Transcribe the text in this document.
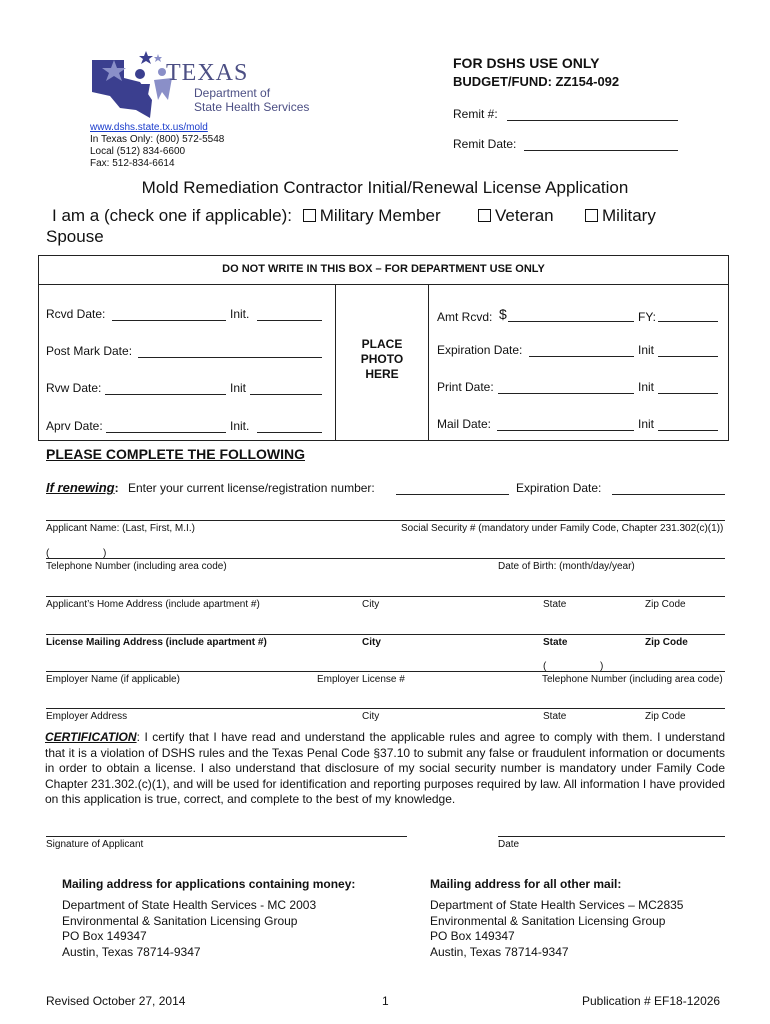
TEXAS
Department of
State Health Services
www.dshs.state.tx.us/mold
In Texas Only: (800) 572-5548
Local (512) 834-6600
Fax: 512-834-6614
FOR DSHS USE ONLY
BUDGET/FUND: ZZ154-092
Remit #:
Remit Date:
Mold Remediation Contractor Initial/Renewal License Application
I am a (check one if applicable): Military Member	Veteran	Military
Spouse
DO NOT WRITE IN THIS BOX – FOR DEPARTMENT USE ONLY
Rcvd Date:	Init.
Post Mark Date:
Rvw Date:	Init
Aprv Date:	Init.
PLACE
PHOTO
HERE
Amt Rcvd: $	FY:
Expiration Date:	Init
Print Date:	Init
Mail Date:	Init
PLEASE COMPLETE THE FOLLOWING
If renewing: Enter your current license/registration number:	Expiration Date:
Applicant Name: (Last, First, M.I.)	Social Security # (mandatory under Family Code, Chapter 231.302(c)(1))
(	)
Telephone Number (including area code)	Date of Birth: (month/day/year)
Applicant’s Home Address (include apartment #)	City	State	Zip Code
License Mailing Address (include apartment #)	City	State	Zip Code
(	)
Employer Name (if applicable)	Employer License #	Telephone Number (including area code)
Employer Address	City	State	Zip Code
CERTIFICATION: I certify that I have read and understand the applicable rules and agree to comply with them. I understand that it is a violation of DSHS rules and the Texas Penal Code §37.10 to submit any false or fraudulent information or documents in order to obtain a license. I also understand that disclosure of my social security number is mandatory under Family Code Chapter 231.302.(c)(1), and will be used for identification and reporting purposes required by law. All information I have provided on this application is true, correct, and complete to the best of my knowledge.
Signature of Applicant	Date
Mailing address for applications containing money:
Department of State Health Services - MC 2003
Environmental & Sanitation Licensing Group
PO Box 149347
Austin, Texas 78714-9347
Mailing address for all other mail:
Department of State Health Services – MC2835
Environmental & Sanitation Licensing Group
PO Box 149347
Austin, Texas 78714-9347
Revised October 27, 2014	1	Publication # EF18-12026
